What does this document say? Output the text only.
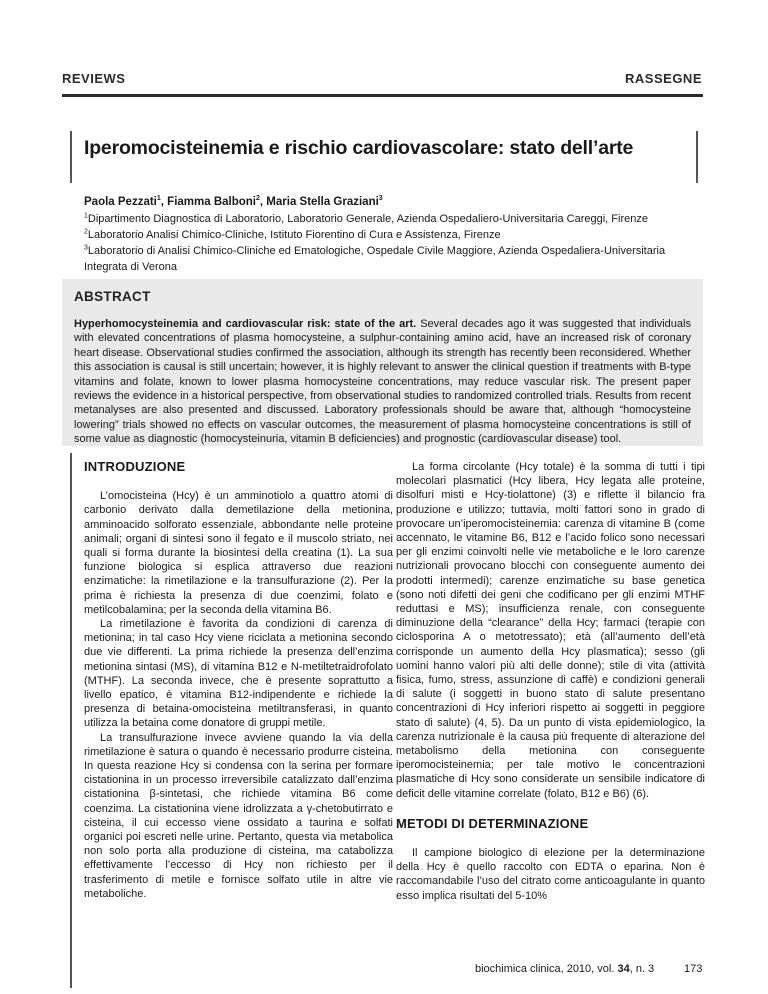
REVIEWS	RASSEGNE
Iperomocisteinemia e rischio cardiovascolare: stato dell’arte
Paola Pezzati$^1$, Fiamma Balboni$^2$, Maria Stella Graziani$^3$
$^1$Dipartimento Diagnostica di Laboratorio, Laboratorio Generale, Azienda Ospedaliero-Universitaria Careggi, Firenze
$^2$Laboratorio Analisi Chimico-Cliniche, Istituto Fiorentino di Cura e Assistenza, Firenze
$^3$Laboratorio di Analisi Chimico-Cliniche ed Ematologiche, Ospedale Civile Maggiore, Azienda Ospedaliera-Universitaria Integrata di Verona
ABSTRACT

Hyperhomocysteinemia and cardiovascular risk: state of the art. Several decades ago it was suggested that individuals with elevated concentrations of plasma homocysteine, a sulphur-containing amino acid, have an increased risk of coronary heart disease. Observational studies confirmed the association, although its strength has recently been reconsidered. Whether this association is causal is still uncertain; however, it is highly relevant to answer the clinical question if treatments with B-type vitamins and folate, known to lower plasma homocysteine concentrations, may reduce vascular risk. The present paper reviews the evidence in a historical perspective, from observational studies to randomized controlled trials. Results from recent metanalyses are also presented and discussed. Laboratory professionals should be aware that, although “homocysteine lowering” trials showed no effects on vascular outcomes, the measurement of plasma homocysteine concentrations is still of some value as diagnostic (homocysteinuria, vitamin B deficiencies) and prognostic (cardiovascular disease) tool.

INTRODUZIONE

L’omocisteina (Hcy) è un amminotiolo a quattro atomi di carbonio derivato dalla demetilazione della metionina, amminoacido solforato essenziale, abbondante nelle proteine animali; organi di sintesi sono il fegato e il muscolo striato, nei quali si forma durante la biosintesi della creatina (1). La sua funzione biologica si esplica attraverso due reazioni enzimatiche: la rimetilazione e la transulfurazione (2). Per la prima è richiesta la presenza di due coenzimi, folato e metilcobalamina; per la seconda della vitamina B6.

La rimetilazione è favorita da condizioni di carenza di metionina; in tal caso Hcy viene riciclata a metionina secondo due vie differenti. La prima richiede la presenza dell’enzima metionina sintasi (MS), di vitamina B12 e N-metiltetraidrofolato (MTHF). La seconda invece, che è presente soprattutto a livello epatico, è vitamina B12-indipendente e richiede la presenza di betaina-omocisteina metiltransferasi, in quanto utilizza la betaina come donatore di gruppi metile.

La transulfurazione invece avviene quando la via della rimetilazione è satura o quando è necessario produrre cisteina. In questa reazione Hcy si condensa con la serina per formare cistationina in un processo irreversibile catalizzato dall’enzima cistationina β-sintetasi, che richiede vitamina B6 come coenzima. La cistationina viene idrolizzata a γ-chetobutirrato e cisteina, il cui eccesso viene ossidato a taurina e solfati organici poi escreti nelle urine. Pertanto, questa via metabolica non solo porta alla produzione di cisteina, ma catabolizza effettivamente l’eccesso di Hcy non richiesto per il trasferimento di metile e fornisce solfato utile in altre vie metaboliche.

La forma circolante (Hcy totale) è la somma di tutti i tipi molecolari plasmatici (Hcy libera, Hcy legata alle proteine, disolfuri misti e Hcy-tiolattone) (3) e riflette il bilancio fra produzione e utilizzo; tuttavia, molti fattori sono in grado di provocare un’iperomocisteinemia: carenza di vitamine B (come accennato, le vitamine B6, B12 e l’acido folico sono necessari per gli enzimi coinvolti nelle vie metaboliche e le loro carenze nutrizionali provocano blocchi con conseguente aumento dei prodotti intermedi); carenze enzimatiche su base genetica (sono noti difetti dei geni che codificano per gli enzimi MTHF reduttasi e MS); insufficienza renale, con conseguente diminuzione della “clearance” della Hcy; farmaci (terapie con ciclosporina A o metotressato); età (all’aumento dell’età corrisponde un aumento della Hcy plasmatica); sesso (gli uomini hanno valori più alti delle donne); stile di vita (attività fisica, fumo, stress, assunzione di caffè) e condizioni generali di salute (i soggetti in buono stato di salute presentano concentrazioni di Hcy inferiori rispetto ai soggetti in peggiore stato di salute) (4, 5). Da un punto di vista epidemiologico, la carenza nutrizionale è la causa più frequente di alterazione del metabolismo della metionina con conseguente iperomocisteinemia; per tale motivo le concentrazioni plasmatiche di Hcy sono considerate un sensibile indicatore di deficit delle vitamine correlate (folato, B12 e B6) (6).

METODI DI DETERMINAZIONE

Il campione biologico di elezione per la determinazione della Hcy è quello raccolto con EDTA o eparina. Non è raccomandabile l’uso del citrato come anticoagulante in quanto esso implica risultati del 5-10%

biochimica clinica, 2010, vol. 34, n. 3	173
